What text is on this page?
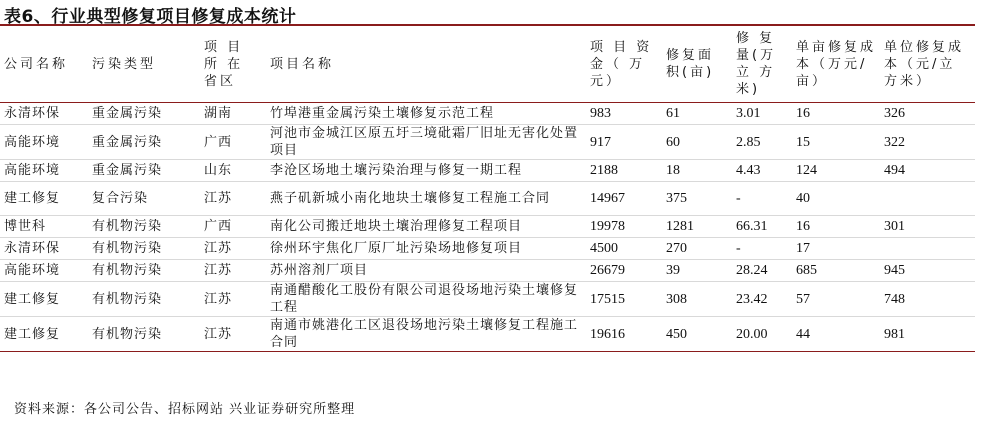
表6、行业典型修复项目修复成本统计
公司名称	污染类型	项 目 所 在 省区	项目名称	项 目 资 金（ 万 元）	修复面积(亩)	修 复 量(万 立 方 米)	单亩修复成本（万元/亩）	单位修复成本（元/立方米）
永清环保	重金属污染	湖南	竹埠港重金属污染土壤修复示范工程	983	61	3.01	16	326
高能环境	重金属污染	广西	河池市金城江区原五圩三境砒霜厂旧址无害化处置项目	917	60	2.85	15	322
高能环境	重金属污染	山东	李沧区场地土壤污染治理与修复一期工程	2188	18	4.43	124	494
建工修复	复合污染	江苏	燕子矶新城小南化地块土壤修复工程施工合同	14967	375	-	40	
博世科	有机物污染	广西	南化公司搬迁地块土壤治理修复工程项目	19978	1281	66.31	16	301
永清环保	有机物污染	江苏	徐州环宇焦化厂原厂址污染场地修复项目	4500	270	-	17	
高能环境	有机物污染	江苏	苏州溶剂厂项目	26679	39	28.24	685	945
建工修复	有机物污染	江苏	南通醋酸化工股份有限公司退役场地污染土壤修复工程	17515	308	23.42	57	748
建工修复	有机物污染	江苏	南通市姚港化工区退役场地污染土壤修复工程施工合同	19616	450	20.00	44	981
资料来源：各公司公告、招标网站 兴业证券研究所整理
